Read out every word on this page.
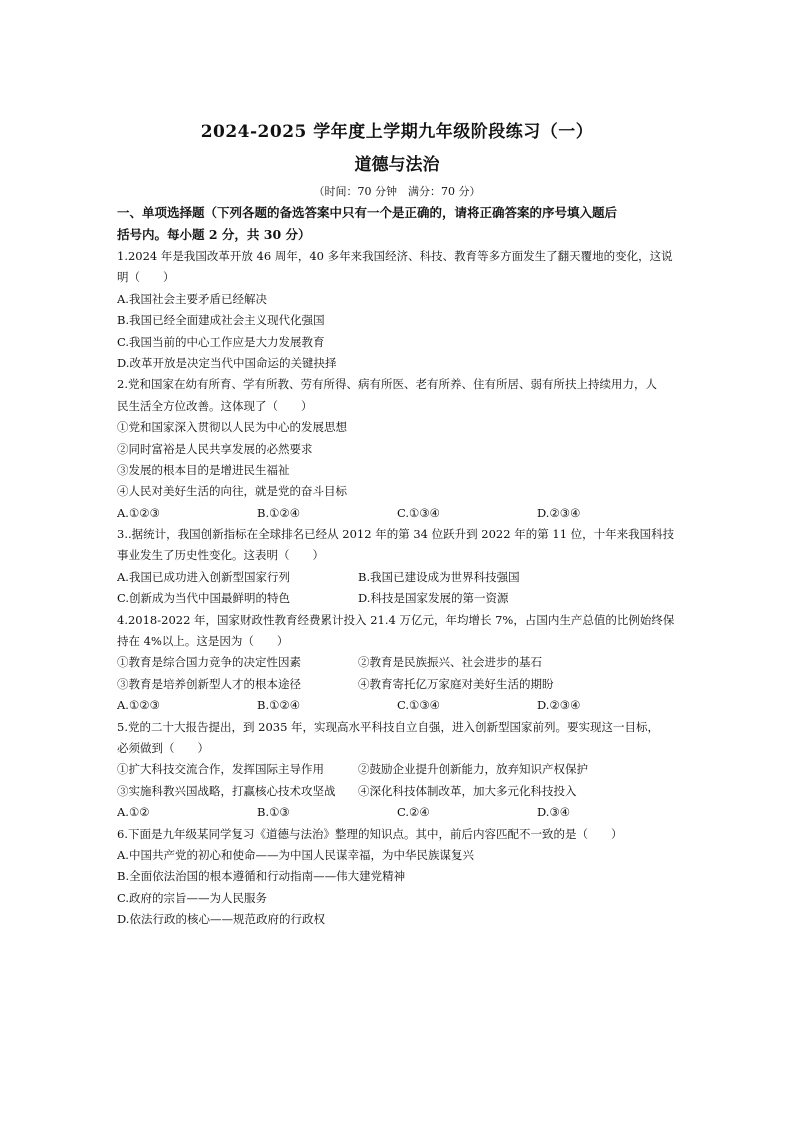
2024-2025 学年度上学期九年级阶段练习（一）
道德与法治
（时间：70 分钟　满分：70 分）
一、单项选择题（下列各题的备选答案中只有一个是正确的，请将正确答案的序号填入题后
括号内。每小题 2 分，共 30 分）
1.2024 年是我国改革开放 46 周年，40 多年来我国经济、科技、教育等多方面发生了翻天覆地的变化，这说
明（　　）
A.我国社会主要矛盾已经解决
B.我国已经全面建成社会主义现代化强国
C.我国当前的中心工作应是大力发展教育
D.改革开放是决定当代中国命运的关键抉择
2.党和国家在幼有所育、学有所教、劳有所得、病有所医、老有所养、住有所居、弱有所扶上持续用力，人
民生活全方位改善。这体现了（　　）
①党和国家深入贯彻以人民为中心的发展思想
②同时富裕是人民共享发展的必然要求
③发展的根本目的是增进民生福祉
④人民对美好生活的向往，就是党的奋斗目标
A.①②③	B.①②④	C.①③④	D.②③④
3..据统计，我国创新指标在全球排名已经从 2012 年的第 34 位跃升到 2022 年的第 11 位，十年来我国科技
事业发生了历史性变化。这表明（　　）
A.我国已成功进入创新型国家行列	B.我国已建设成为世界科技强国
C.创新成为当代中国最鲜明的特色	D.科技是国家发展的第一资源
4.2018-2022 年，国家财政性教育经费累计投入 21.4 万亿元，年均增长 7%，占国内生产总值的比例始终保
持在 4%以上。这是因为（　　）
①教育是综合国力竞争的决定性因素	②教育是民族振兴、社会进步的基石
③教育是培养创新型人才的根本途径	④教育寄托亿万家庭对美好生活的期盼
A.①②③	B.①②④	C.①③④	D.②③④
5.党的二十大报告提出，到 2035 年，实现高水平科技自立自强，进入创新型国家前列。要实现这一目标，
必须做到（　　）
①扩大科技交流合作，发挥国际主导作用	②鼓励企业提升创新能力，放弃知识产权保护
③实施科教兴国战略，打赢核心技术攻坚战	④深化科技体制改革，加大多元化科技投入
A.①②	B.①③	C.②④	D.③④
6.下面是九年级某同学复习《道德与法治》整理的知识点。其中，前后内容匹配不一致的是（　　）
A.中国共产党的初心和使命——为中国人民谋幸福，为中华民族谋复兴
B.全面依法治国的根本遵循和行动指南——伟大建党精神
C.政府的宗旨——为人民服务
D.依法行政的核心——规范政府的行政权
